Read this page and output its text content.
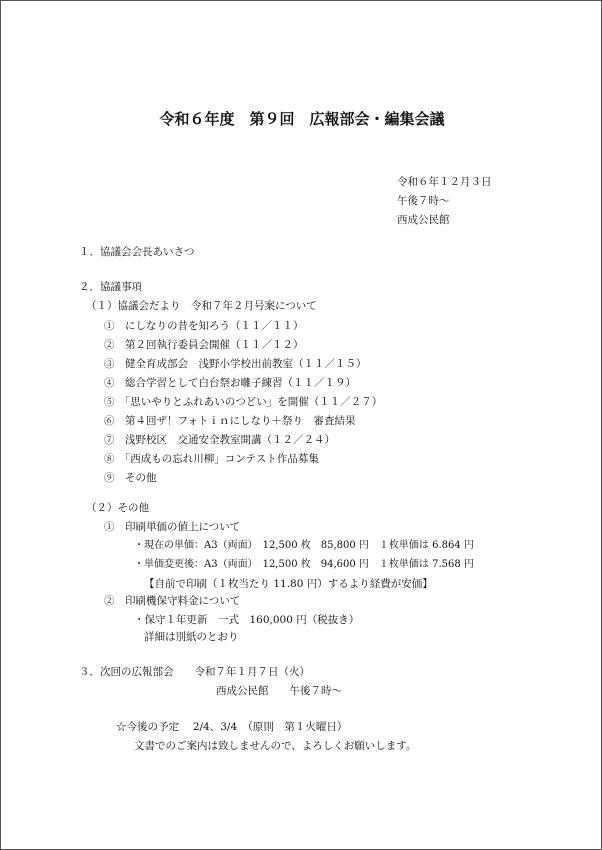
令和６年度　第９回　広報部会・編集会議
令和６年１２月３日
午後７時～
西成公民館
１．協議会会長あいさつ
２．協議事項
（１）協議会だより　令和７年２月号案について
①　にしなりの昔を知ろう（１１／１１）
②　第２回執行委員会開催（１１／１２）
③　健全育成部会　浅野小学校出前教室（１１／１５）
④　総合学習として白台祭お囃子練習（１１／１９）
⑤　「思いやりとふれあいのつどい」を開催（１１／２７）
⑥　第４回ザ！フォトｉｎにしなり＋祭り　審査結果
⑦　浅野校区　交通安全教室開講（１２／２４）
⑧　「西成もの忘れ川柳」コンテスト作品募集
⑨　その他
（２）その他
①　印刷単価の値上について
・現在の単価：A3（両面）　12,500 枚　85,800 円　１枚単価は 6.864 円
・単価変更後：A3（両面）　12,500 枚　94,600 円　１枚単価は 7.568 円
【自前で印刷（１枚当たり 11.80 円）するより経費が安価】
②　印刷機保守料金について
・保守１年更新　一式　160,000 円（税抜き）
詳細は別紙のとおり
３．次回の広報部会　　令和７年１月７日（火）
西成公民館　　午後７時～
☆今後の予定　 2/4、3/4　（原則　第１火曜日）
文書でのご案内は致しませんので、よろしくお願いします。
